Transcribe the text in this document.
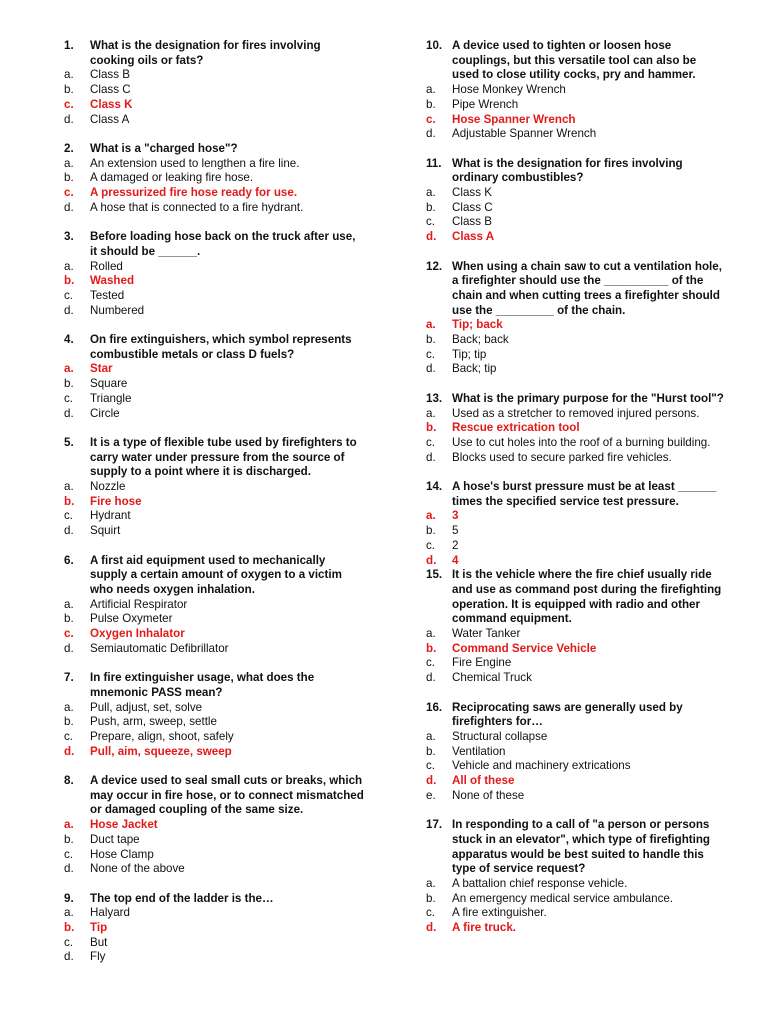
1.	What is the designation for fires involving cooking oils or fats?
a.	Class B
b.	Class C
c.	Class K
d.	Class A
2.	What is a "charged hose"?
a.	An extension used to lengthen a fire line.
b.	A damaged or leaking fire hose.
c.	A pressurized fire hose ready for use.
d.	A hose that is connected to a fire hydrant.
3.	Before loading hose back on the truck after use, it should be ______.
a.	Rolled
b.	Washed
c.	Tested
d.	Numbered
4.	On fire extinguishers, which symbol represents combustible metals or class D fuels?
a.	Star
b.	Square
c.	Triangle
d.	Circle
5.	It is a type of flexible tube used by firefighters to carry water under pressure from the source of supply to a point where it is discharged.
a.	Nozzle
b.	Fire hose
c.	Hydrant
d.	Squirt
6.	A first aid equipment used to mechanically supply a certain amount of oxygen to a victim who needs oxygen inhalation.
a.	Artificial Respirator
b.	Pulse Oxymeter
c.	Oxygen Inhalator
d.	Semiautomatic Defibrillator
7.	In fire extinguisher usage, what does the mnemonic PASS mean?
a.	Pull, adjust, set, solve
b.	Push, arm, sweep, settle
c.	Prepare, align, shoot, safely
d.	Pull, aim, squeeze, sweep
8.	A device used to seal small cuts or breaks, which may occur in fire hose, or to connect mismatched or damaged coupling of the same size.
a.	Hose Jacket
b.	Duct tape
c.	Hose Clamp
d.	None of the above
9.	The top end of the ladder is the…
a.	Halyard
b.	Tip
c.	But
d.	Fly
10. A device used to tighten or loosen hose couplings, but this versatile tool can also be used to close utility cocks, pry and hammer.
a.	Hose Monkey Wrench
b.	Pipe Wrench
c.	Hose Spanner Wrench
d.	Adjustable Spanner Wrench
11. What is the designation for fires involving ordinary combustibles?
a.	Class K
b.	Class C
c.	Class B
d.	Class A
12. When using a chain saw to cut a ventilation hole, a firefighter should use the __________ of the chain and when cutting trees a firefighter should use the _________ of the chain.
a.	Tip; back
b.	Back; back
c.	Tip; tip
d.	Back; tip
13. What is the primary purpose for the "Hurst tool"?
a.	Used as a stretcher to removed injured persons.
b.	Rescue extrication tool
c.	Use to cut holes into the roof of a burning building.
d.	Blocks used to secure parked fire vehicles.
14. A hose's burst pressure must be at least ______ times the specified service test pressure.
a.	3
b.	5
c.	2
d.	4
15. It is the vehicle where the fire chief usually ride and use as command post during the firefighting operation. It is equipped with radio and other command equipment.
a.	Water Tanker
b.	Command Service Vehicle
c.	Fire Engine
d.	Chemical Truck
16. Reciprocating saws are generally used by firefighters for…
a.	Structural collapse
b.	Ventilation
c.	Vehicle and machinery extrications
d.	All of these
e.	None of these
17. In responding to a call of "a person or persons stuck in an elevator", which type of firefighting apparatus would be best suited to handle this type of service request?
a.	A battalion chief response vehicle.
b.	An emergency medical service ambulance.
c.	A fire extinguisher.
d.	A fire truck.
